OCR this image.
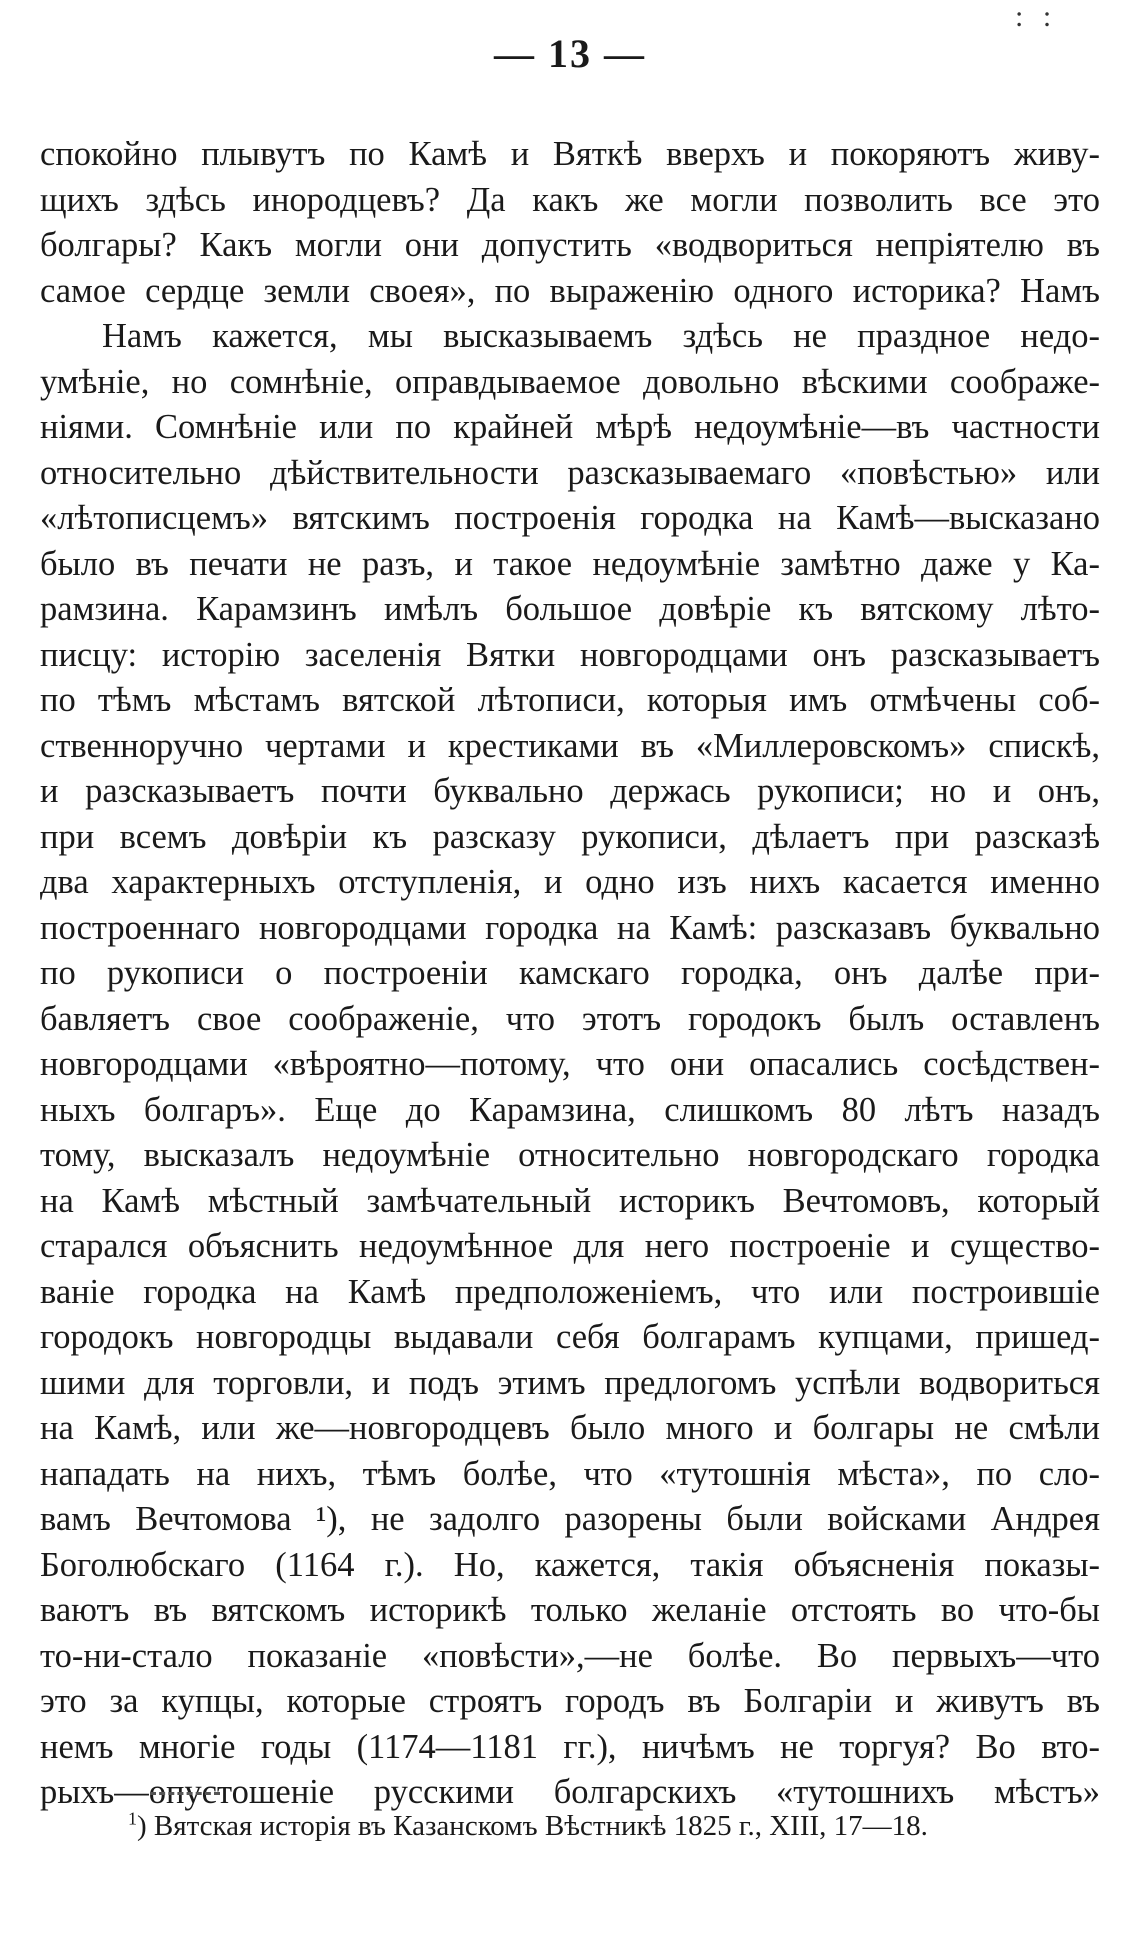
: :
— 13 —
спокойно плывутъ по Камѣ и Вяткѣ вверхъ и покоряютъ живу-
щихъ здѣсь инородцевъ? Да какъ же могли позволить все это
болгары? Какъ могли они допустить «водвориться непріятелю въ
самое сердце земли своея», по выраженію одного историка? Намъ
Намъ кажется, мы высказываемъ здѣсь не праздное недо-
умѣніе, но сомнѣніе, оправдываемое довольно вѣскими соображе-
ніями. Сомнѣніе или по крайней мѣрѣ недоумѣніе—въ частности
относительно дѣйствительности разсказываемаго «повѣстью» или
«лѣтописцемъ» вятскимъ построенія городка на Камѣ—высказано
было въ печати не разъ, и такое недоумѣніе замѣтно даже у Ка-
рамзина. Карамзинъ имѣлъ большое довѣріе къ вятскому лѣто-
писцу: исторію заселенія Вятки новгородцами онъ разсказываетъ
по тѣмъ мѣстамъ вятской лѣтописи, которыя имъ отмѣчены соб-
ственноручно чертами и крестиками въ «Миллеровскомъ» спискѣ,
и разсказываетъ почти буквально держась рукописи; но и онъ,
при всемъ довѣріи къ разсказу рукописи, дѣлаетъ при разсказѣ
два характерныхъ отступленія, и одно изъ нихъ касается именно
построеннаго новгородцами городка на Камѣ: разсказавъ буквально
по рукописи о построеніи камскаго городка, онъ далѣе при-
бавляетъ свое соображеніе, что этотъ городокъ былъ оставленъ
новгородцами «вѣроятно—потому, что они опасались сосѣдствен-
ныхъ болгаръ». Еще до Карамзина, слишкомъ 80 лѣтъ назадъ
тому, высказалъ недоумѣніе относительно новгородскаго городка
на Камѣ мѣстный замѣчательный историкъ Вечтомовъ, который
старался объяснить недоумѣнное для него построеніе и существо-
ваніе городка на Камѣ предположеніемъ, что или построившіе
городокъ новгородцы выдавали себя болгарамъ купцами, пришед-
шими для торговли, и подъ этимъ предлогомъ успѣли водвориться
на Камѣ, или же—новгородцевъ было много и болгары не смѣли
нападать на нихъ, тѣмъ болѣе, что «тутошнія мѣста», по сло-
вамъ Вечтомова ¹), не задолго разорены были войсками Андрея
Боголюбскаго (1164 г.). Но, кажется, такія объясненія показы-
ваютъ въ вятскомъ историкѣ только желаніе отстоять во что-бы
то-ни-стало показаніе «повѣсти»,—не болѣе. Во первыхъ—что
это за купцы, которые строятъ городъ въ Болгаріи и живутъ въ
немъ многіе годы (1174—1181 гг.), ничѣмъ не торгуя? Во вто-
рыхъ—опустошеніе русскими болгарскихъ «тутошнихъ мѣстъ»
$^1$) Вятская исторія въ Казанскомъ Вѣстникѣ 1825 г., XIII, 17—18.
